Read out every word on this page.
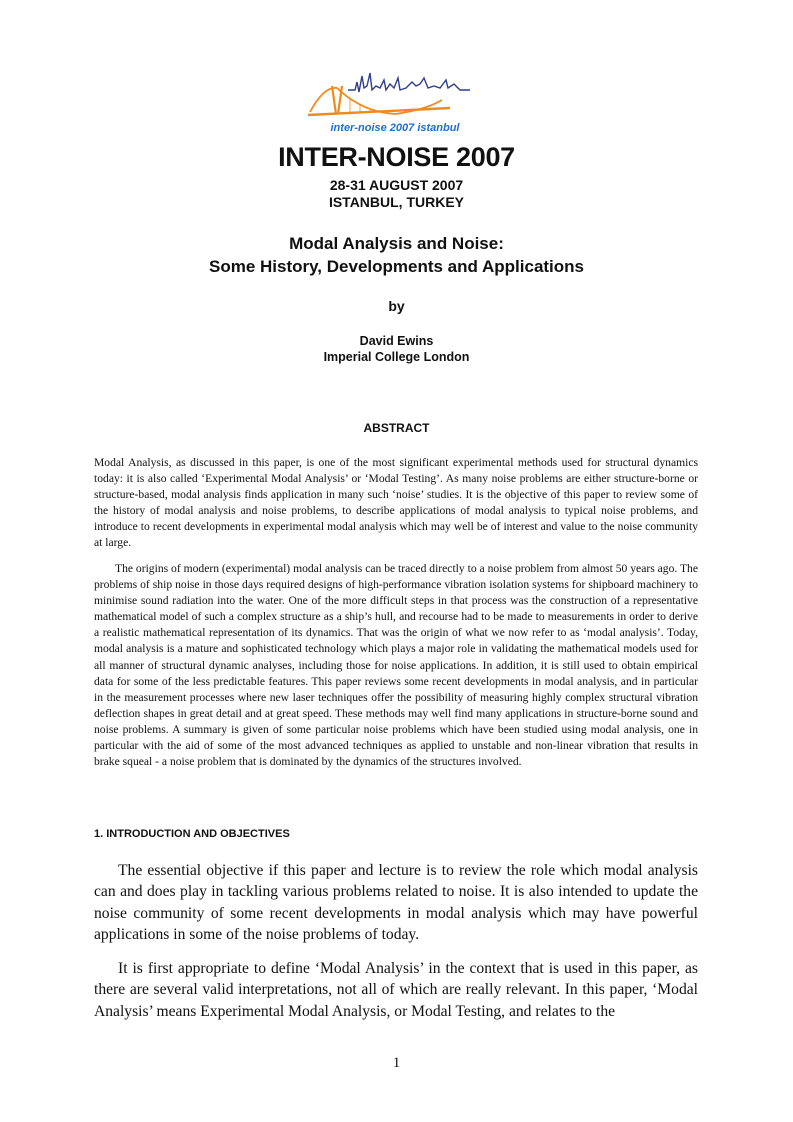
inter-noise 2007 istanbul
INTER-NOISE 2007
28-31 AUGUST 2007
ISTANBUL, TURKEY
Modal Analysis and Noise:
Some History, Developments and Applications
by
David Ewins
Imperial College London
ABSTRACT

Modal Analysis, as discussed in this paper, is one of the most significant experimental methods used for structural dynamics today: it is also called ‘Experimental Modal Analysis’ or ‘Modal Testing’. As many noise problems are either structure-borne or structure-based, modal analysis finds application in many such ‘noise’ studies. It is the objective of this paper to review some of the history of modal analysis and noise problems, to describe applications of modal analysis to typical noise problems, and introduce to recent developments in experimental modal analysis which may well be of interest and value to the noise community at large.

The origins of modern (experimental) modal analysis can be traced directly to a noise problem from almost 50 years ago. The problems of ship noise in those days required designs of high-performance vibration isolation systems for shipboard machinery to minimise sound radiation into the water. One of the more difficult steps in that process was the construction of a representative mathematical model of such a complex structure as a ship’s hull, and recourse had to be made to measurements in order to derive a realistic mathematical representation of its dynamics. That was the origin of what we now refer to as ‘modal analysis’. Today, modal analysis is a mature and sophisticated technology which plays a major role in validating the mathematical models used for all manner of structural dynamic analyses, including those for noise applications. In addition, it is still used to obtain empirical data for some of the less predictable features. This paper reviews some recent developments in modal analysis, and in particular in the measurement processes where new laser techniques offer the possibility of measuring highly complex structural vibration deflection shapes in great detail and at great speed. These methods may well find many applications in structure-borne sound and noise problems. A summary is given of some particular noise problems which have been studied using modal analysis, one in particular with the aid of some of the most advanced techniques as applied to unstable and non-linear vibration that results in brake squeal - a noise problem that is dominated by the dynamics of the structures involved.

1. INTRODUCTION AND OBJECTIVES

The essential objective if this paper and lecture is to review the role which modal analysis can and does play in tackling various problems related to noise. It is also intended to update the noise community of some recent developments in modal analysis which may have powerful applications in some of the noise problems of today.

It is first appropriate to define ‘Modal Analysis’ in the context that is used in this paper, as there are several valid interpretations, not all of which are really relevant. In this paper, ‘Modal Analysis’ means Experimental Modal Analysis, or Modal Testing, and relates to the

1
